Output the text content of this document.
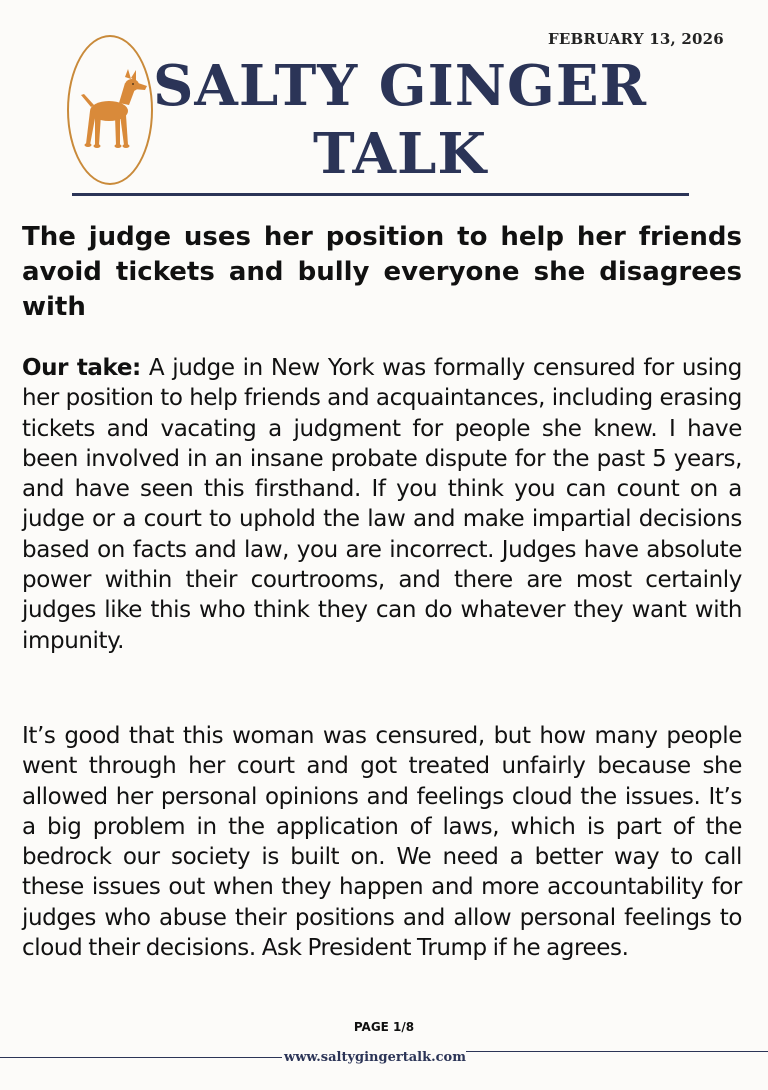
FEBRUARY 13, 2026
SALTY GINGER
TALK
The judge uses her position to help her friends avoid tickets and bully everyone she disagrees with

Our take: A judge in New York was formally censured for using her position to help friends and acquaintances, including erasing tickets and vacating a judgment for people she knew. I have been involved in an insane probate dispute for the past 5 years, and have seen this firsthand. If you think you can count on a judge or a court to uphold the law and make impartial decisions based on facts and law, you are incorrect. Judges have absolute power within their courtrooms, and there are most certainly judges like this who think they can do whatever they want with impunity.

It’s good that this woman was censured, but how many people went through her court and got treated unfairly because she allowed her personal opinions and feelings cloud the issues. It’s a big problem in the application of laws, which is part of the bedrock our society is built on. We need a better way to call these issues out when they happen and more accountability for judges who abuse their positions and allow personal feelings to cloud their decisions. Ask President Trump if he agrees.

PAGE 1/8
www.saltygingertalk.com
